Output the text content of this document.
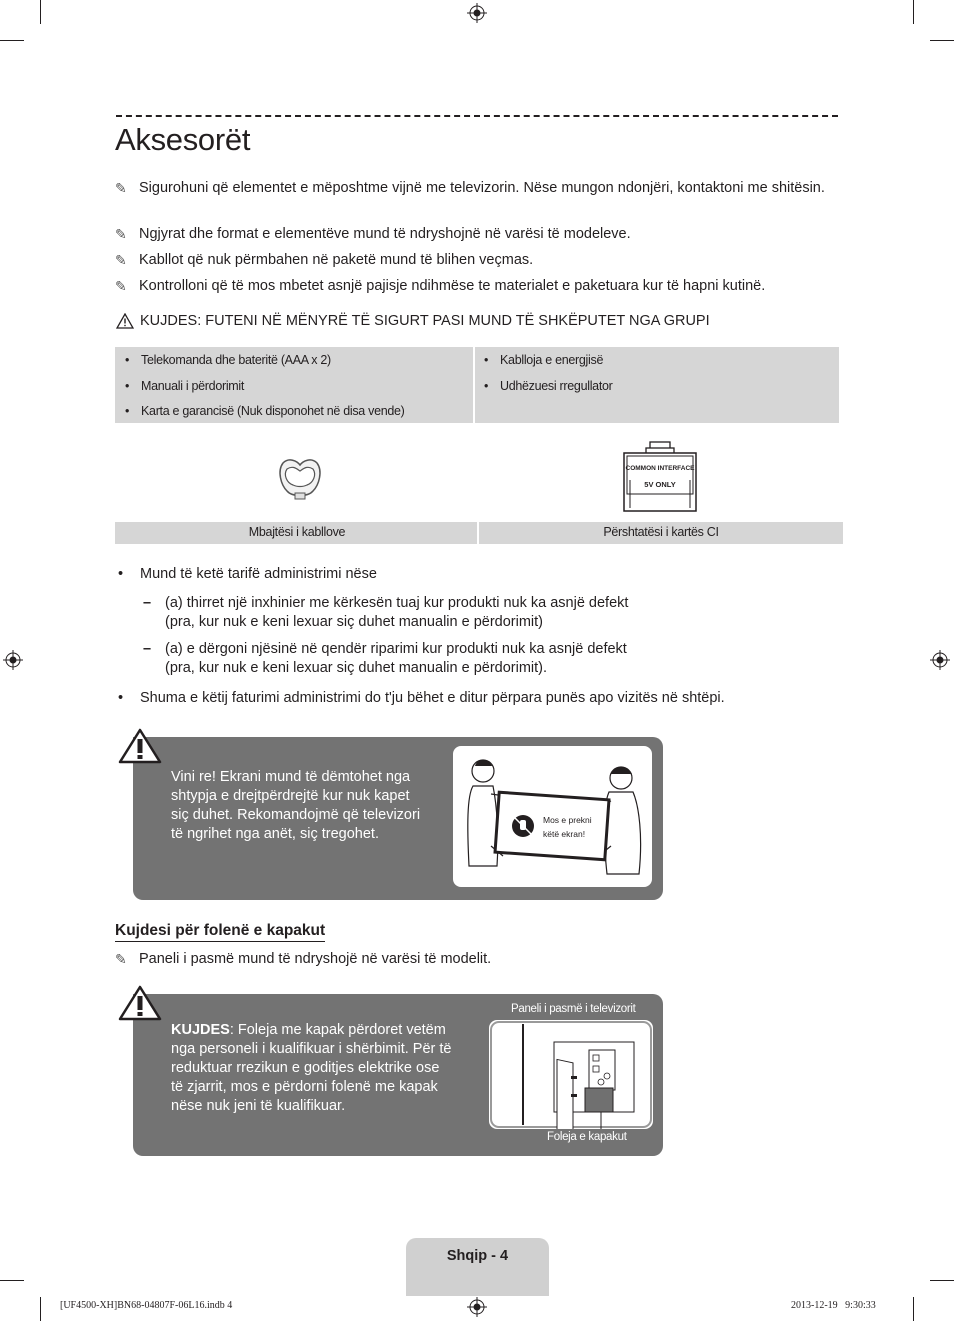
Aksesorët
✎ Sigurohuni që elementet e mëposhtme vijnë me televizorin. Nëse mungon ndonjëri, kontaktoni me shitësin.
✎ Ngjyrat dhe format e elementëve mund të ndryshojnë në varësi të modeleve.
✎ Kabllot që nuk përmbahen në paketë mund të blihen veçmas.
✎ Kontrolloni që të mos mbetet asnjë pajisje ndihmëse te materialet e paketuara kur të hapni kutinë.
KUJDES: FUTENI NË MËNYRË TË SIGURT PASI MUND TË SHKËPUTET NGA GRUPI
• Telekomanda dhe bateritë (AAA x 2)
• Manuali i përdorimit
• Karta e garancisë (Nuk disponohet në disa vende)
• Kablloja e energjisë
• Udhëzuesi rregullator
COMMON INTERFACE
5V ONLY
Mbajtësi i kabllove	Përshtatësi i kartës CI
•	Mund të ketë tarifë administrimi nëse
– (a) thirret një inxhinier me kërkesën tuaj kur produkti nuk ka asnjë defekt
(pra, kur nuk e keni lexuar siç duhet manualin e përdorimit)
– (a) e dërgoni njësinë në qendër riparimi kur produkti nuk ka asnjë defekt
(pra, kur nuk e keni lexuar siç duhet manualin e përdorimit).
•	Shuma e këtij faturimi administrimi do t'ju bëhet e ditur përpara punës apo vizitës në shtëpi.
Vini re! Ekrani mund të dëmtohet nga
shtypja e drejtpërdrejtë kur nuk kapet
siç duhet. Rekomandojmë që televizori
të ngrihet nga anët, siç tregohet.
Mos e prekni
këtë ekran!
Kujdesi për folenë e kapakut
✎ Paneli i pasmë mund të ndryshojë në varësi të modelit.
KUJDES: Foleja me kapak përdoret vetëm
nga personeli i kualifikuar i shërbimit. Për të
reduktuar rrezikun e goditjes elektrike ose
të zjarrit, mos e përdorni folenë me kapak
nëse nuk jeni të kualifikuar.
Paneli i pasmë i televizorit
Foleja e kapakut
Shqip - 4
[UF4500-XH]BN68-04807F-06L16.indb 4	2013-12-19   9:30:33
